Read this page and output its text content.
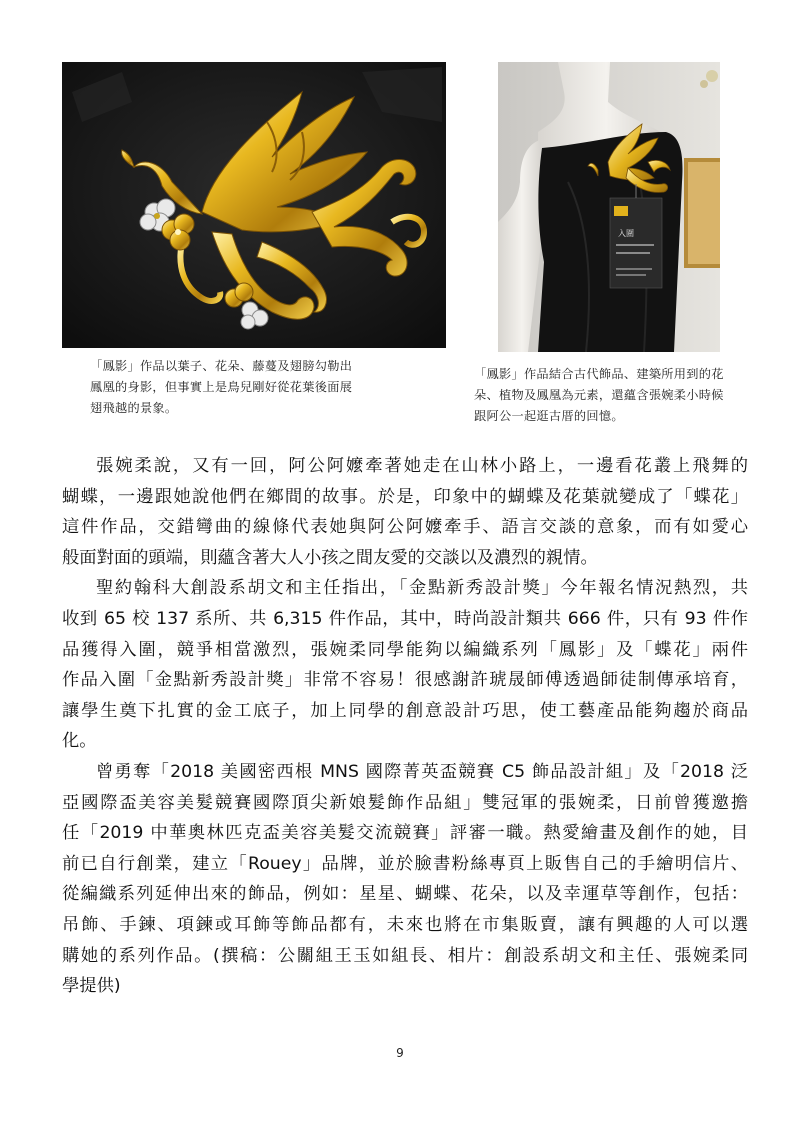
入圍

「鳳影」作品以葉子、花朵、藤蔓及翅膀勾勒出

鳳凰的身影，但事實上是鳥兒剛好從花葉後面展

翅飛越的景象。

「鳳影」作品結合古代飾品、建築所用到的花

朵、植物及鳳凰為元素，還蘊含張婉柔小時候

跟阿公一起逛古厝的回憶。

張婉柔說，又有一回，阿公阿嬤牽著她走在山林小路上，一邊看花叢上飛舞的
蝴蝶，一邊跟她說他們在鄉間的故事。於是，印象中的蝴蝶及花葉就變成了「蝶花」
這件作品，交錯彎曲的線條代表她與阿公阿嬤牽手、語言交談的意象，而有如愛心
般面對面的頭端，則蘊含著大人小孩之間友愛的交談以及濃烈的親情。

聖約翰科大創設系胡文和主任指出，「金點新秀設計獎」今年報名情況熱烈，共
收到 65 校 137 系所、共 6,315 件作品，其中，時尚設計類共 666 件，只有 93 件作
品獲得入圍，競爭相當激烈，張婉柔同學能夠以編織系列「鳳影」及「蝶花」兩件
作品入圍「金點新秀設計獎」非常不容易！很感謝許琥晟師傅透過師徒制傳承培育，
讓學生奠下扎實的金工底子，加上同學的創意設計巧思，使工藝產品能夠趨於商品
化。

曾勇奪「2018 美國密西根 MNS 國際菁英盃競賽 C5 飾品設計組」及「2018 泛
亞國際盃美容美髮競賽國際頂尖新娘髮飾作品組」雙冠軍的張婉柔，日前曾獲邀擔
任「2019 中華奧林匹克盃美容美髮交流競賽」評審一職。熱愛繪畫及創作的她，目
前已自行創業，建立「Rouey」品牌，並於臉書粉絲專頁上販售自己的手繪明信片、
從編織系列延伸出來的飾品，例如：星星、蝴蝶、花朵，以及幸運草等創作，包括：
吊飾、手鍊、項鍊或耳飾等飾品都有，未來也將在市集販賣，讓有興趣的人可以選
購她的系列作品。(撰稿：公關組王玉如組長、相片：創設系胡文和主任、張婉柔同
學提供)

9
